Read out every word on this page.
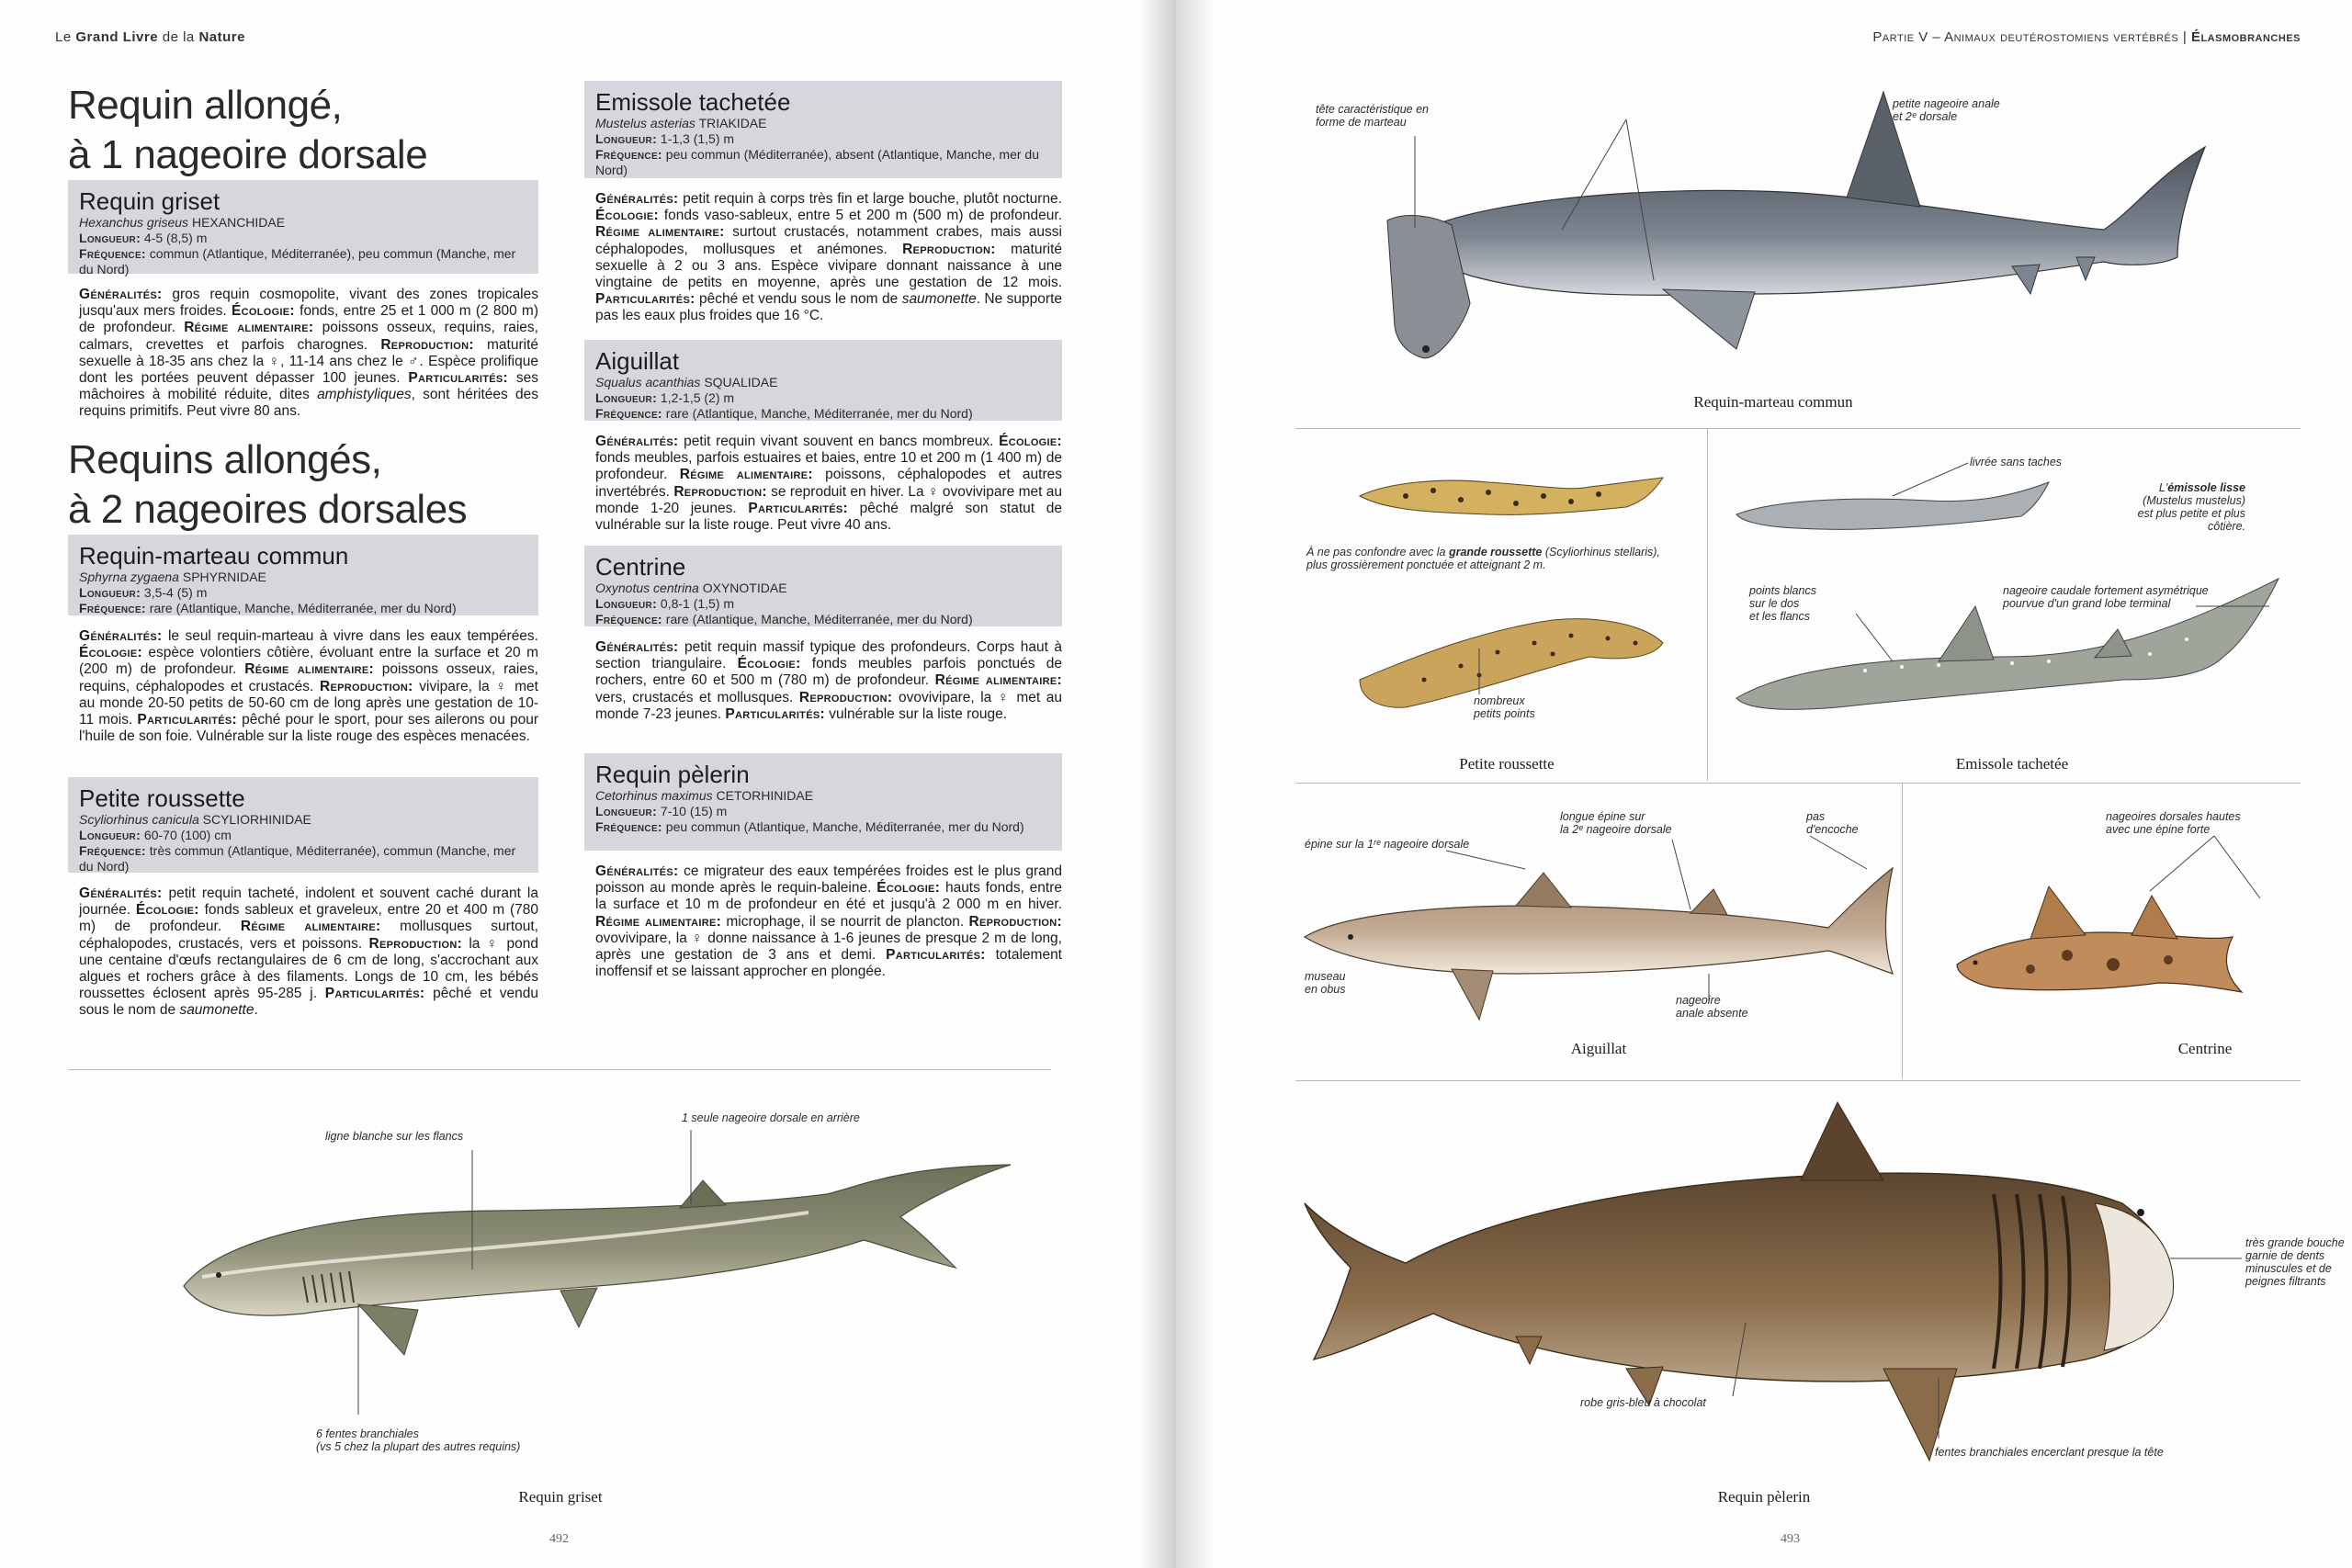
Le Grand Livre de la Nature
Requin allongé,
à 1 nageoire dorsale
Requin griset
Hexanchus griseus HEXANCHIDAE
Longueur: 4-5 (8,5) m
Fréquence: commun (Atlantique, Méditerranée), peu commun (Manche, mer du Nord)
Généralités: gros requin cosmopolite, vivant des zones tropicales jusqu'aux mers froides. Écologie: fonds, entre 25 et 1 000 m (2 800 m) de profondeur. Régime alimentaire: poissons osseux, requins, raies, calmars, crevettes et parfois charognes. Reproduction: maturité sexuelle à 18-35 ans chez la ♀, 11-14 ans chez le ♂. Espèce prolifique dont les portées peuvent dépasser 100 jeunes. Particularités: ses mâchoires à mobilité réduite, dites amphistyliques, sont héritées des requins primitifs. Peut vivre 80 ans.
Requins allongés,
à 2 nageoires dorsales
Requin-marteau commun
Sphyrna zygaena SPHYRNIDAE
Longueur: 3,5-4 (5) m
Fréquence: rare (Atlantique, Manche, Méditerranée, mer du Nord)
Généralités: le seul requin-marteau à vivre dans les eaux tempérées. Écologie: espèce volontiers côtière, évoluant entre la surface et 20 m (200 m) de profondeur. Régime alimentaire: poissons osseux, raies, requins, céphalopodes et crustacés. Reproduction: vivipare, la ♀ met au monde 20-50 petits de 50-60 cm de long après une gestation de 10-11 mois. Particularités: pêché pour le sport, pour ses ailerons ou pour l'huile de son foie. Vulnérable sur la liste rouge des espèces menacées.
Petite roussette
Scyliorhinus canicula SCYLIORHINIDAE
Longueur: 60-70 (100) cm
Fréquence: très commun (Atlantique, Méditerranée), commun (Manche, mer du Nord)
Généralités: petit requin tacheté, indolent et souvent caché durant la journée. Écologie: fonds sableux et graveleux, entre 20 et 400 m (780 m) de profondeur. Régime alimentaire: mollusques surtout, céphalopodes, crustacés, vers et poissons. Reproduction: la ♀ pond une centaine d'œufs rectangulaires de 6 cm de long, s'accrochant aux algues et rochers grâce à des filaments. Longs de 10 cm, les bébés roussettes éclosent après 95-285 j. Particularités: pêché et vendu sous le nom de saumonette.
Emissole tachetée
Mustelus asterias TRIAKIDAE
Longueur: 1-1,3 (1,5) m
Fréquence: peu commun (Méditerranée), absent (Atlantique, Manche, mer du Nord)
Généralités: petit requin à corps très fin et large bouche, plutôt nocturne. Écologie: fonds vaso-sableux, entre 5 et 200 m (500 m) de profondeur. Régime alimentaire: surtout crustacés, notamment crabes, mais aussi céphalopodes, mollusques et anémones. Reproduction: maturité sexuelle à 2 ou 3 ans. Espèce vivipare donnant naissance à une vingtaine de petits en moyenne, après une gestation de 12 mois. Particularités: pêché et vendu sous le nom de saumonette. Ne supporte pas les eaux plus froides que 16 °C.
Aiguillat
Squalus acanthias SQUALIDAE
Longueur: 1,2-1,5 (2) m
Fréquence: rare (Atlantique, Manche, Méditerranée, mer du Nord)
Généralités: petit requin vivant souvent en bancs mombreux. Écologie: fonds meubles, parfois estuaires et baies, entre 10 et 200 m (1 400 m) de profondeur. Régime alimentaire: poissons, céphalopodes et autres invertébrés. Reproduction: se reproduit en hiver. La ♀ ovovivipare met au monde 1-20 jeunes. Particularités: pêché malgré son statut de vulnérable sur la liste rouge. Peut vivre 40 ans.
Centrine
Oxynotus centrina OXYNOTIDAE
Longueur: 0,8-1 (1,5) m
Fréquence: rare (Atlantique, Manche, Méditerranée, mer du Nord)
Généralités: petit requin massif typique des profondeurs. Corps haut à section triangulaire. Écologie: fonds meubles parfois ponctués de rochers, entre 60 et 500 m (780 m) de profondeur. Régime alimentaire: vers, crustacés et mollusques. Reproduction: ovovivipare, la ♀ met au monde 7-23 jeunes. Particularités: vulnérable sur la liste rouge.
Requin pèlerin
Cetorhinus maximus CETORHINIDAE
Longueur: 7-10 (15) m
Fréquence: peu commun (Atlantique, Manche, Méditerranée, mer du Nord)
Généralités: ce migrateur des eaux tempérées froides est le plus grand poisson au monde après le requin-baleine. Écologie: hauts fonds, entre la surface et 10 m de profondeur en été et jusqu'à 2 000 m en hiver. Régime alimentaire: microphage, il se nourrit de plancton. Reproduction: ovovivipare, la ♀ donne naissance à 1-6 jeunes de presque 2 m de long, après une gestation de 3 ans et demi. Particularités: totalement inoffensif et se laissant approcher en plongée.
ligne blanche sur les flancs
1 seule nageoire dorsale en arrière
6 fentes branchiales
(vs 5 chez la plupart des autres requins)
Requin griset
492
Partie V – Animaux deutérostomiens vertébrés | Élasmobranches
tête caractéristique en
forme de marteau
petite nageoire anale
et 2ᵉ dorsale
Requin-marteau commun
À ne pas confondre avec la grande roussette (Scyliorhinus stellaris),
plus grossièrement ponctuée et atteignant 2 m.
nombreux
petits points
Petite roussette
livrée sans taches
L'émissole lisse
(Mustelus mustelus)
est plus petite et plus côtière.
points blancs
sur le dos
et les flancs
nageoire caudale fortement asymétrique
pourvue d'un grand lobe terminal
Emissole tachetée
épine sur la 1ʳᵉ nageoire dorsale
longue épine sur
la 2ᵉ nageoire dorsale
pas
d'encoche
museau
en obus
nageoire
anale absente
Aiguillat
nageoires dorsales hautes
avec une épine forte
Centrine
très grande bouche
garnie de dents
minuscules et de
peignes filtrants
robe gris-bleu à chocolat
fentes branchiales encerclant presque la tête
Requin pèlerin
493
